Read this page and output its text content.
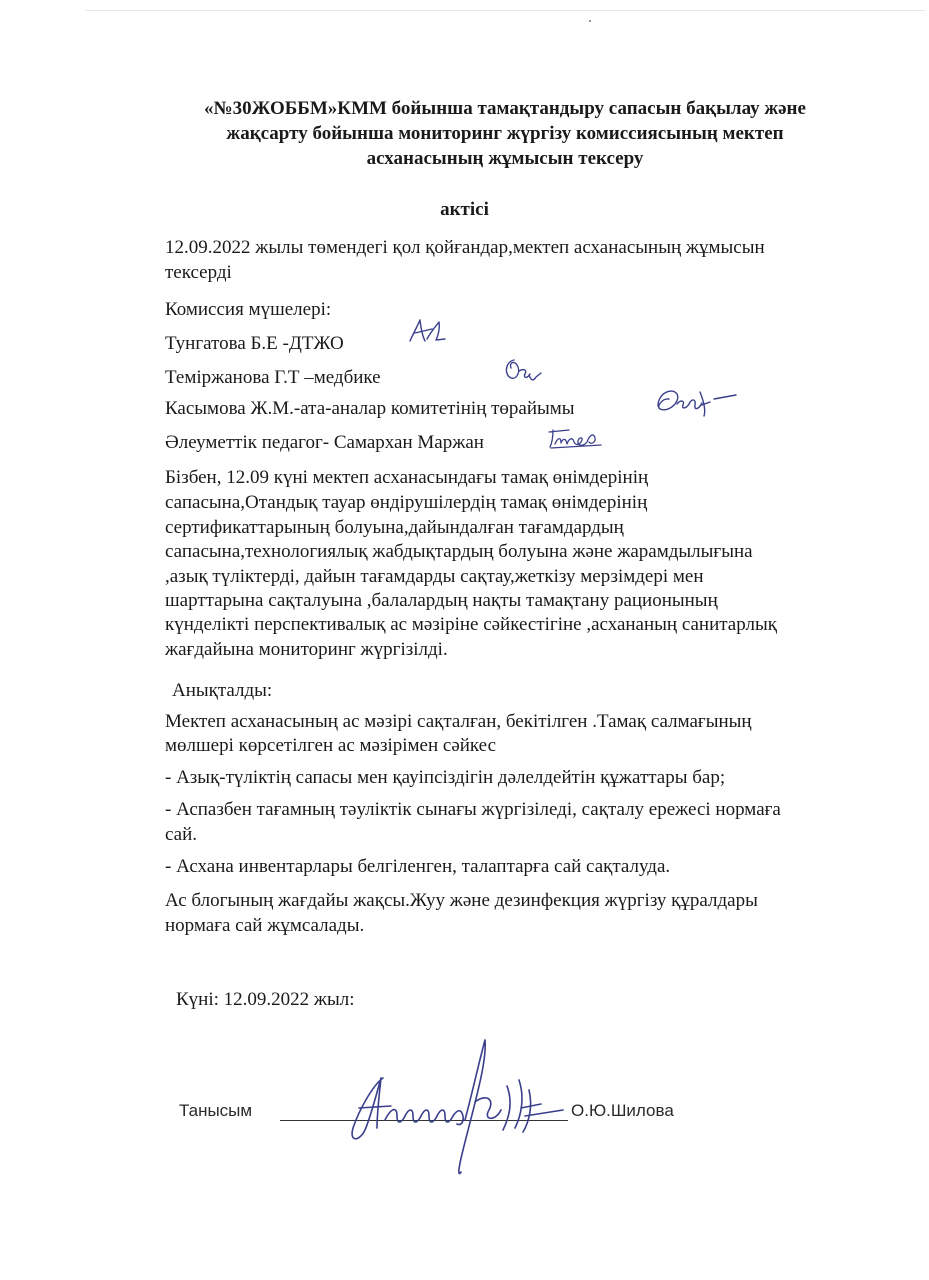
«№30ЖОББМ»КММ бойынша тамақтандыру сапасын бақылау және
жақсарту бойынша мониторинг жүргізу комиссиясының мектеп
асханасының жұмысын тексеру
актісі
12.09.2022 жылы төмендегі қол қойғандар,мектеп асханасының жұмысын
тексерді
Комиссия мүшелері:
Тунгатова Б.Е -ДТЖО
Темiржанова Г.Т –медбике
Касымова Ж.М.-ата-аналар комитетінің төрайымы
Әлеуметтік педагог- Самархан Маржан
Бізбен, 12.09 күні мектеп асханасындағы тамақ өнімдерінің
сапасына,Отандық тауар өндірушілердің тамақ өнімдерінің
сертификаттарының болуына,дайындалған тағамдардың
сапасына,технологиялық жабдықтардың болуына және жарамдылығына
,азық түліктерді, дайын тағамдарды сақтау,жеткізу мерзімдері мен
шарттарына сақталуына ,балалардың нақты тамақтану рационының
күнделікті перспективалық ас мәзіріне сәйкестігіне ,асхананың санитарлық
жағдайына мониторинг жүргізілді.
Анықталды:
Мектеп асханасының ас мәзірі сақталған, бекітілген .Тамақ салмағының
мөлшері көрсетілген ас мәзірімен сәйкес
- Азық-түліктің сапасы мен қауіпсіздігін дәлелдейтін құжаттары бар;
- Аспазбен тағамның тәуліктік сынағы жүргізіледі, сақталу ережесі нормаға
сай.
- Асхана инвентарлары белгіленген, талаптарға сай сақталуда.
Ас блогының жағдайы жақсы.Жуу және дезинфекция жүргізу құралдары
нормаға сай жұмсалады.
Күні: 12.09.2022 жыл:
Танысым	О.Ю.Шилова
